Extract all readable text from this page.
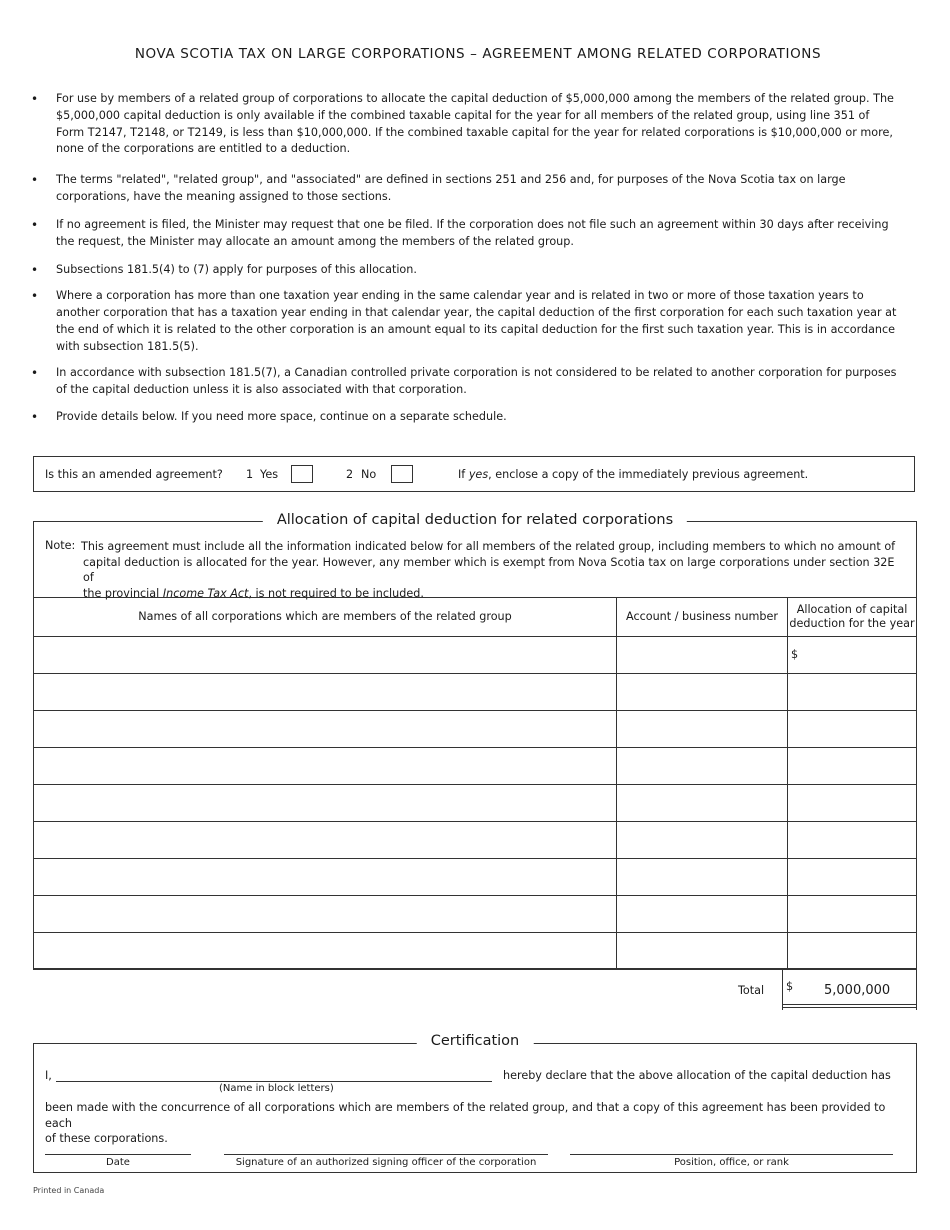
NOVA SCOTIA TAX ON LARGE CORPORATIONS – AGREEMENT AMONG RELATED CORPORATIONS
• For use by members of a related group of corporations to allocate the capital deduction of $5,000,000 among the members of the related group. The $5,000,000 capital deduction is only available if the combined taxable capital for the year for all members of the related group, using line 351 of Form T2147, T2148, or T2149, is less than $10,000,000. If the combined taxable capital for the year for related corporations is $10,000,000 or more, none of the corporations are entitled to a deduction.
• The terms "related", "related group", and "associated" are defined in sections 251 and 256 and, for purposes of the Nova Scotia tax on large corporations, have the meaning assigned to those sections.
• If no agreement is filed, the Minister may request that one be filed. If the corporation does not file such an agreement within 30 days after receiving the request, the Minister may allocate an amount among the members of the related group.
• Subsections 181.5(4) to (7) apply for purposes of this allocation.
• Where a corporation has more than one taxation year ending in the same calendar year and is related in two or more of those taxation years to another corporation that has a taxation year ending in that calendar year, the capital deduction of the first corporation for each such taxation year at the end of which it is related to the other corporation is an amount equal to its capital deduction for the first such taxation year. This is in accordance with subsection 181.5(5).
• In accordance with subsection 181.5(7), a Canadian controlled private corporation is not considered to be related to another corporation for purposes of the capital deduction unless it is also associated with that corporation.
• Provide details below. If you need more space, continue on a separate schedule.
Is this an amended agreement? 1 Yes	2 No	If yes, enclose a copy of the immediately previous agreement.
Allocation of capital deduction for related corporations
Note: This agreement must include all the information indicated below for all members of the related group, including members to which no amount of
capital deduction is allocated for the year. However, any member which is exempt from Nova Scotia tax on large corporations under section 32E of
the provincial Income Tax Act, is not required to be included.
Names of all corporations which are members of the related group	Account / business number	Allocation of capital
deduction for the year

		$

Total $ 5,000,000
Certification
I,
(Name in block letters)
hereby declare that the above allocation of the capital deduction has
been made with the concurrence of all corporations which are members of the related group, and that a copy of this agreement has been provided to each
of these corporations.
Date	Signature of an authorized signing officer of the corporation	Position, office, or rank
Printed in Canada
